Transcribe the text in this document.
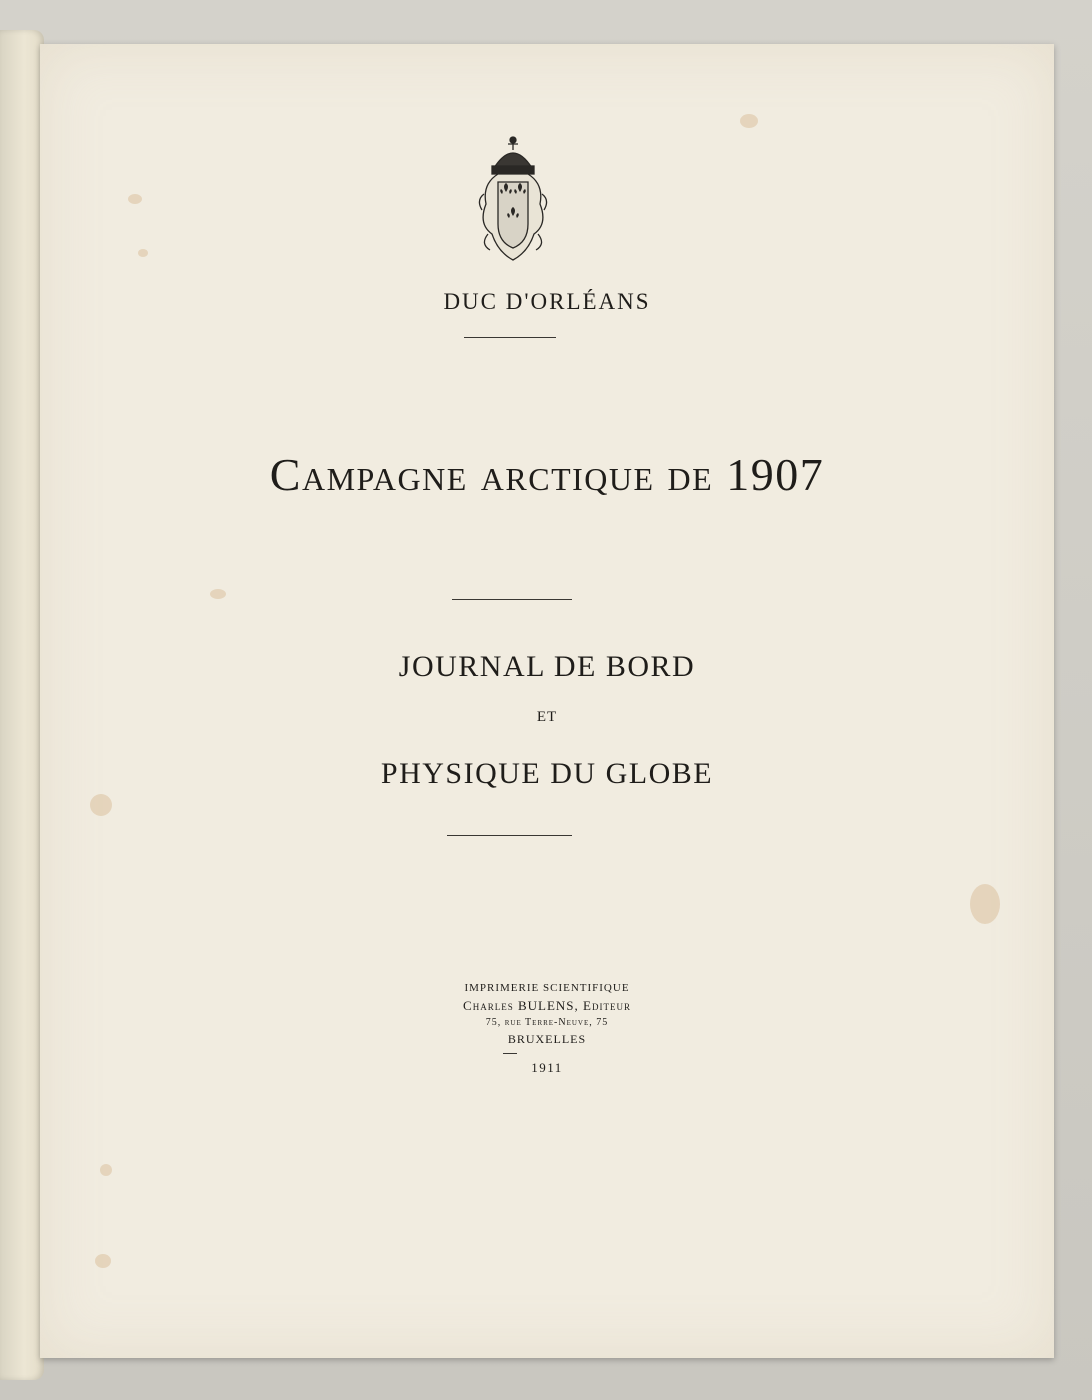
DUC D'ORLÉANS
Campagne arctique de 1907
JOURNAL DE BORD
ET
PHYSIQUE DU GLOBE
IMPRIMERIE SCIENTIFIQUE
Charles BULENS, Editeur
75, rue Terre-Neuve, 75
BRUXELLES
1911
